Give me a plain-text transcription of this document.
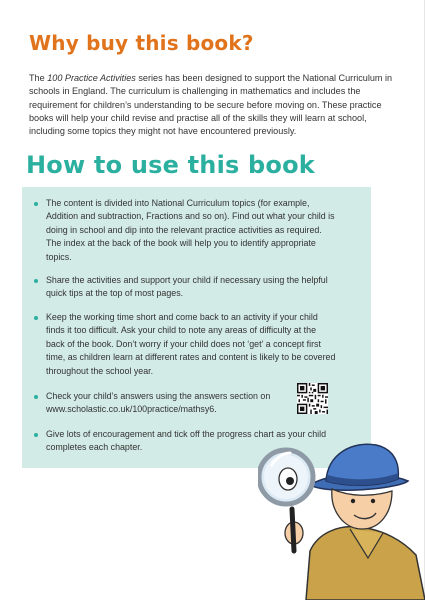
Why buy this book?

The 100 Practice Activities series has been designed to support the National Curriculum in schools in England. The curriculum is challenging in mathematics and includes the requirement for children’s understanding to be secure before moving on. These practice books will help your child revise and practise all of the skills they will learn at school, including some topics they might not have encountered previously.

How to use this book
The content is divided into National Curriculum topics (for example, Addition and subtraction, Fractions and so on). Find out what your child is doing in school and dip into the relevant practice activities as required. The index at the back of the book will help you to identify appropriate topics.
Share the activities and support your child if necessary using the helpful quick tips at the top of most pages.
Keep the working time short and come back to an activity if your child finds it too difficult. Ask your child to note any areas of difficulty at the back of the book. Don’t worry if your child does not ‘get’ a concept first time, as children learn at different rates and content is likely to be covered throughout the school year.
Check your child’s answers using the answers section on www.scholastic.co.uk/100practice/mathsy6.
Give lots of encouragement and tick off the progress chart as your child completes each chapter.
